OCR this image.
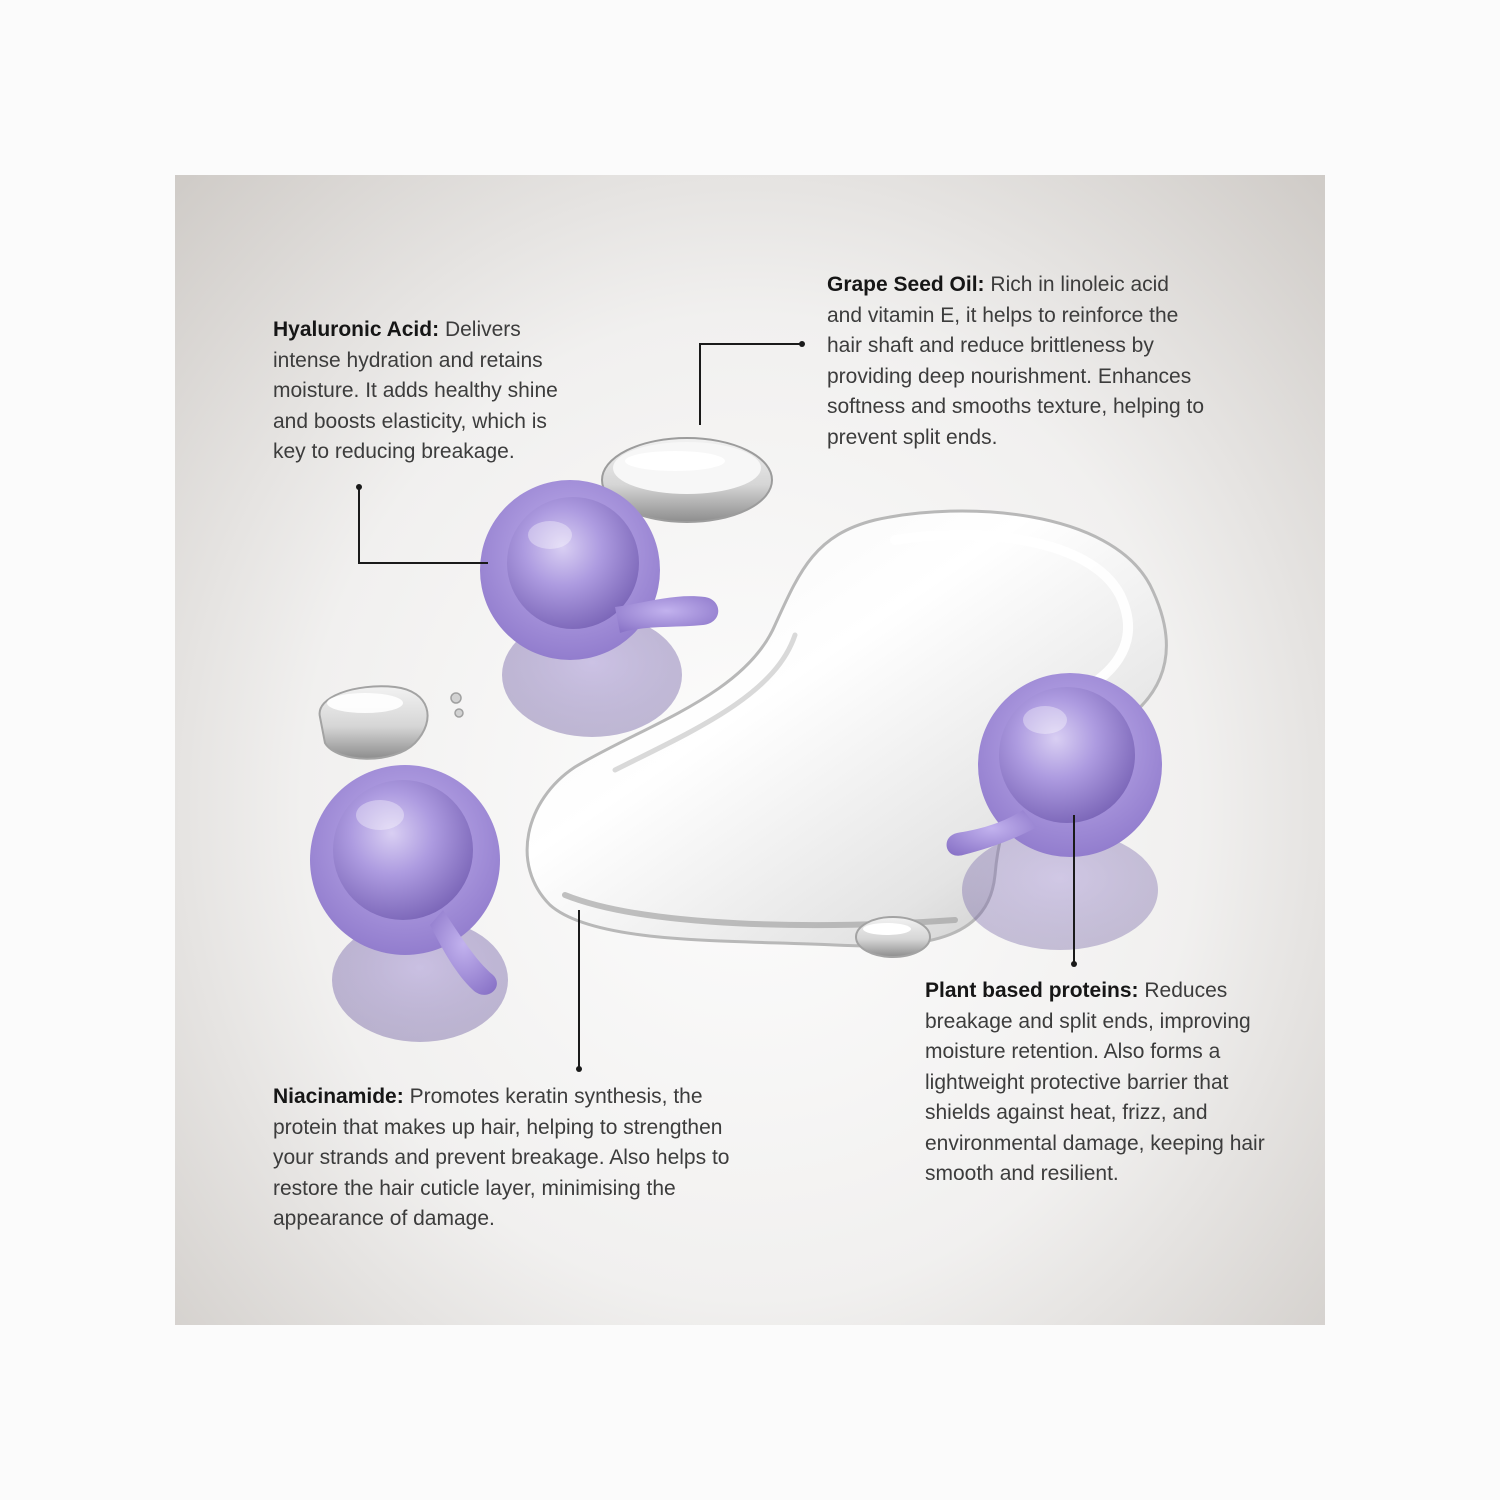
Grape Seed Oil: Rich in linoleic acid and vitamin E, it helps to reinforce the hair shaft and reduce brittleness by providing deep nourishment. Enhances softness and smooths texture, helping to prevent split ends.
Hyaluronic Acid: Delivers intense hydration and retains moisture. It adds healthy shine and boosts elasticity, which is key to reducing breakage.
Niacinamide: Promotes keratin synthesis, the protein that makes up hair, helping to strengthen your strands and prevent breakage. Also helps to restore the hair cuticle layer, minimising the appearance of damage.
Plant based proteins: Reduces breakage and split ends, improving moisture retention. Also forms a lightweight protective barrier that shields against heat, frizz, and environmental damage, keeping hair smooth and resilient.
